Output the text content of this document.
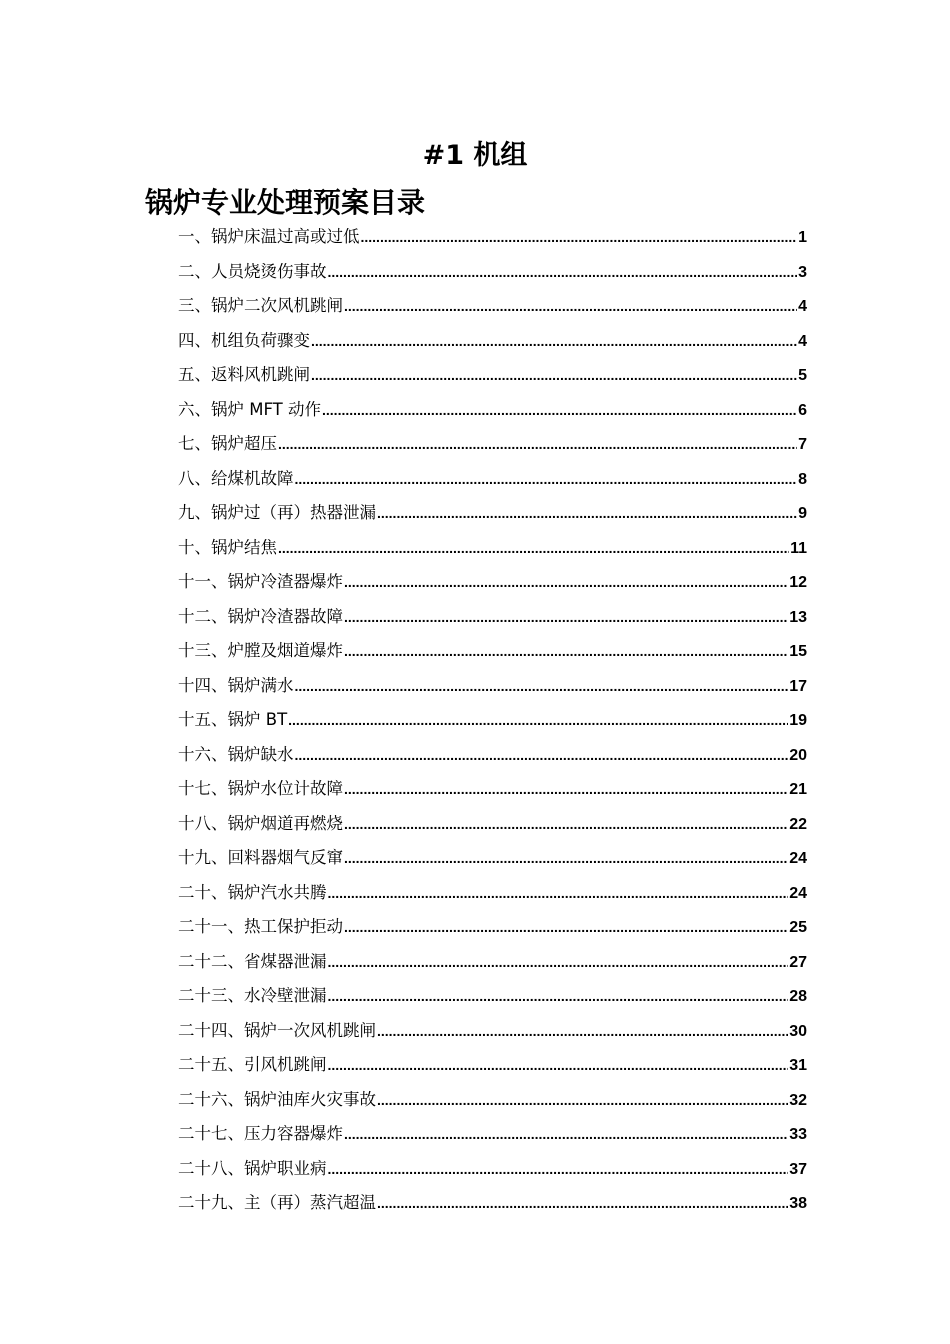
#1 机组
锅炉专业处理预案目录
一、锅炉床温过高或过低 .....	1
二、人员烧烫伤事故 .....	3
三、锅炉二次风机跳闸 .....	4
四、机组负荷骤变 .....	4
五、返料风机跳闸 .....	5
六、锅炉 MFT 动作 .....	6
七、锅炉超压 .....	7
八、给煤机故障 .....	8
九、锅炉过（再）热器泄漏 .....	9
十、锅炉结焦 .....	11
十一、锅炉冷渣器爆炸 .....	12
十二、锅炉冷渣器故障 .....	13
十三、炉膛及烟道爆炸 .....	15
十四、锅炉满水 .....	17
十五、锅炉 BT .....	19
十六、锅炉缺水 .....	20
十七、锅炉水位计故障 .....	21
十八、锅炉烟道再燃烧 .....	22
十九、回料器烟气反窜 .....	24
二十、锅炉汽水共腾 .....	24
二十一、热工保护拒动 .....	25
二十二、省煤器泄漏 .....	27
二十三、水冷壁泄漏 .....	28
二十四、锅炉一次风机跳闸 .....	30
二十五、引风机跳闸 .....	31
二十六、锅炉油库火灾事故 .....	32
二十七、压力容器爆炸 .....	33
二十八、锅炉职业病 .....	37
二十九、主（再）蒸汽超温 .....	38
